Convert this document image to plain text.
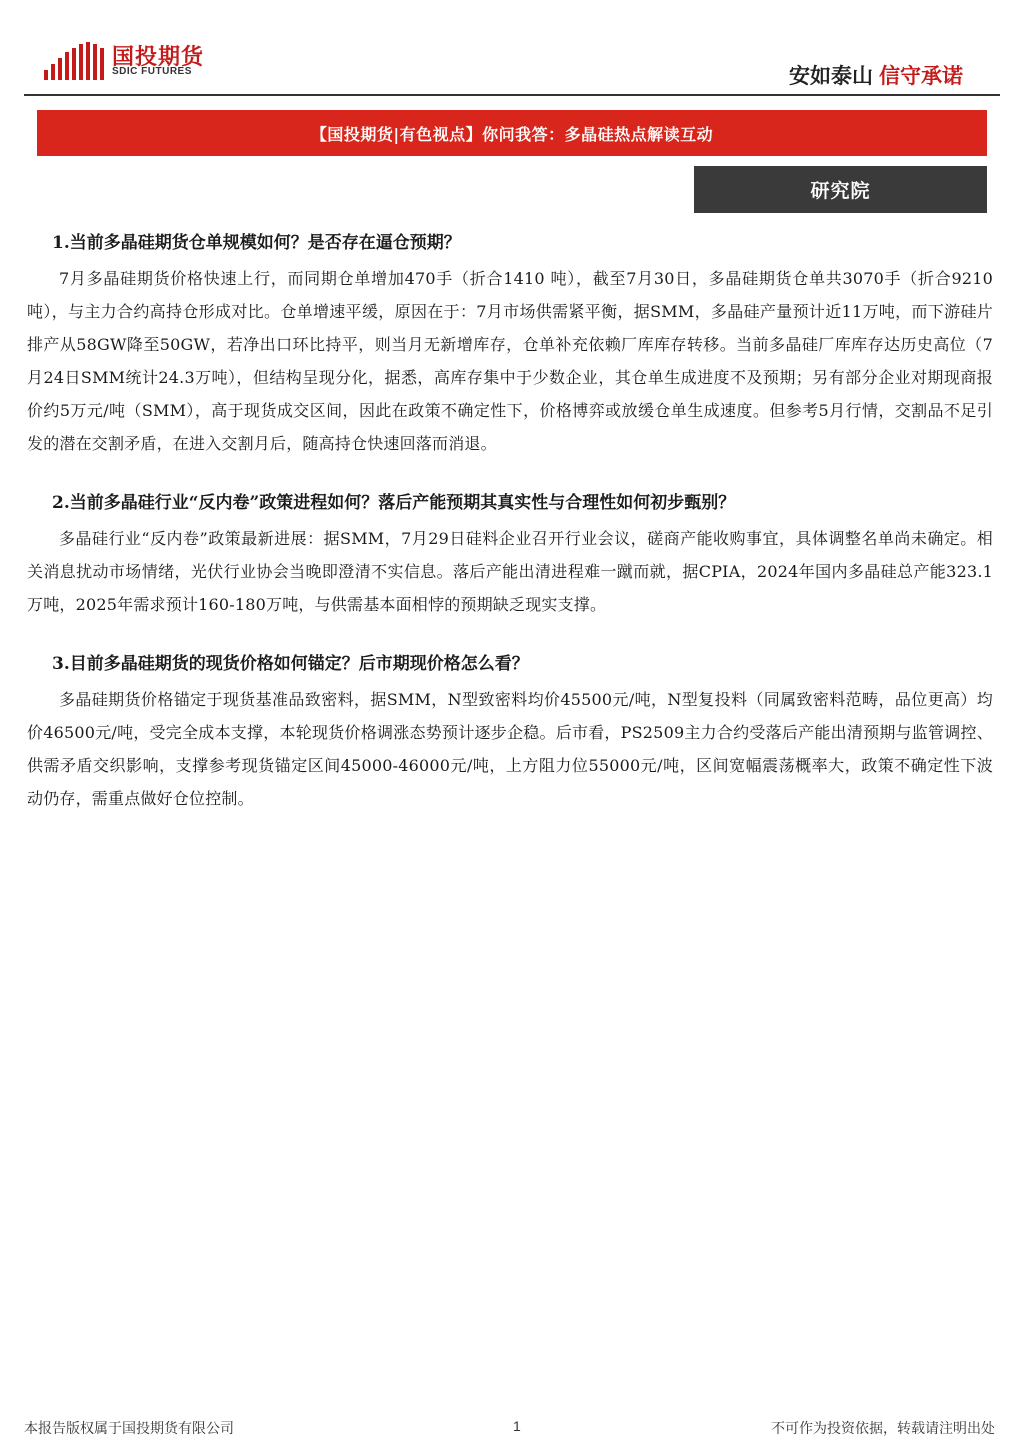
国投期货
SDIC FUTURES	安如泰山 信守承诺
【国投期货|有色视点】你问我答：多晶硅热点解读互动
研究院
1.当前多晶硅期货仓单规模如何？是否存在逼仓预期？

7月多晶硅期货价格快速上行，而同期仓单增加470手（折合1410 吨），截至7月30日，多晶硅期货仓单共3070手（折合9210 吨），与主力合约高持仓形成对比。仓单增速平缓，原因在于：7月市场供需紧平衡，据SMM，多晶硅产量预计近11万吨，而下游硅片排产从58GW降至50GW，若净出口环比持平，则当月无新增库存，仓单补充依赖厂库库存转移。当前多晶硅厂库库存达历史高位（7月24日SMM统计24.3万吨），但结构呈现分化，据悉，高库存集中于少数企业，其仓单生成进度不及预期；另有部分企业对期现商报价约5万元/吨（SMM），高于现货成交区间，因此在政策不确定性下，价格博弈或放缓仓单生成速度。但参考5月行情，交割品不足引发的潜在交割矛盾，在进入交割月后，随高持仓快速回落而消退。

2.当前多晶硅行业“反内卷”政策进程如何？落后产能预期其真实性与合理性如何初步甄别？

多晶硅行业“反内卷”政策最新进展：据SMM，7月29日硅料企业召开行业会议，磋商产能收购事宜，具体调整名单尚未确定。相关消息扰动市场情绪，光伏行业协会当晚即澄清不实信息。落后产能出清进程难一蹴而就，据CPIA，2024年国内多晶硅总产能323.1万吨，2025年需求预计160-180万吨，与供需基本面相悖的预期缺乏现实支撑。

3.目前多晶硅期货的现货价格如何锚定？后市期现价格怎么看？

多晶硅期货价格锚定于现货基准品致密料，据SMM，N型致密料均价45500元/吨，N型复投料（同属致密料范畴，品位更高）均价46500元/吨，受完全成本支撑，本轮现货价格调涨态势预计逐步企稳。后市看，PS2509主力合约受落后产能出清预期与监管调控、供需矛盾交织影响，支撑参考现货锚定区间45000-46000元/吨，上方阻力位55000元/吨，区间宽幅震荡概率大，政策不确定性下波动仍存，需重点做好仓位控制。

本报告版权属于国投期货有限公司	1	不可作为投资依据，转载请注明出处
